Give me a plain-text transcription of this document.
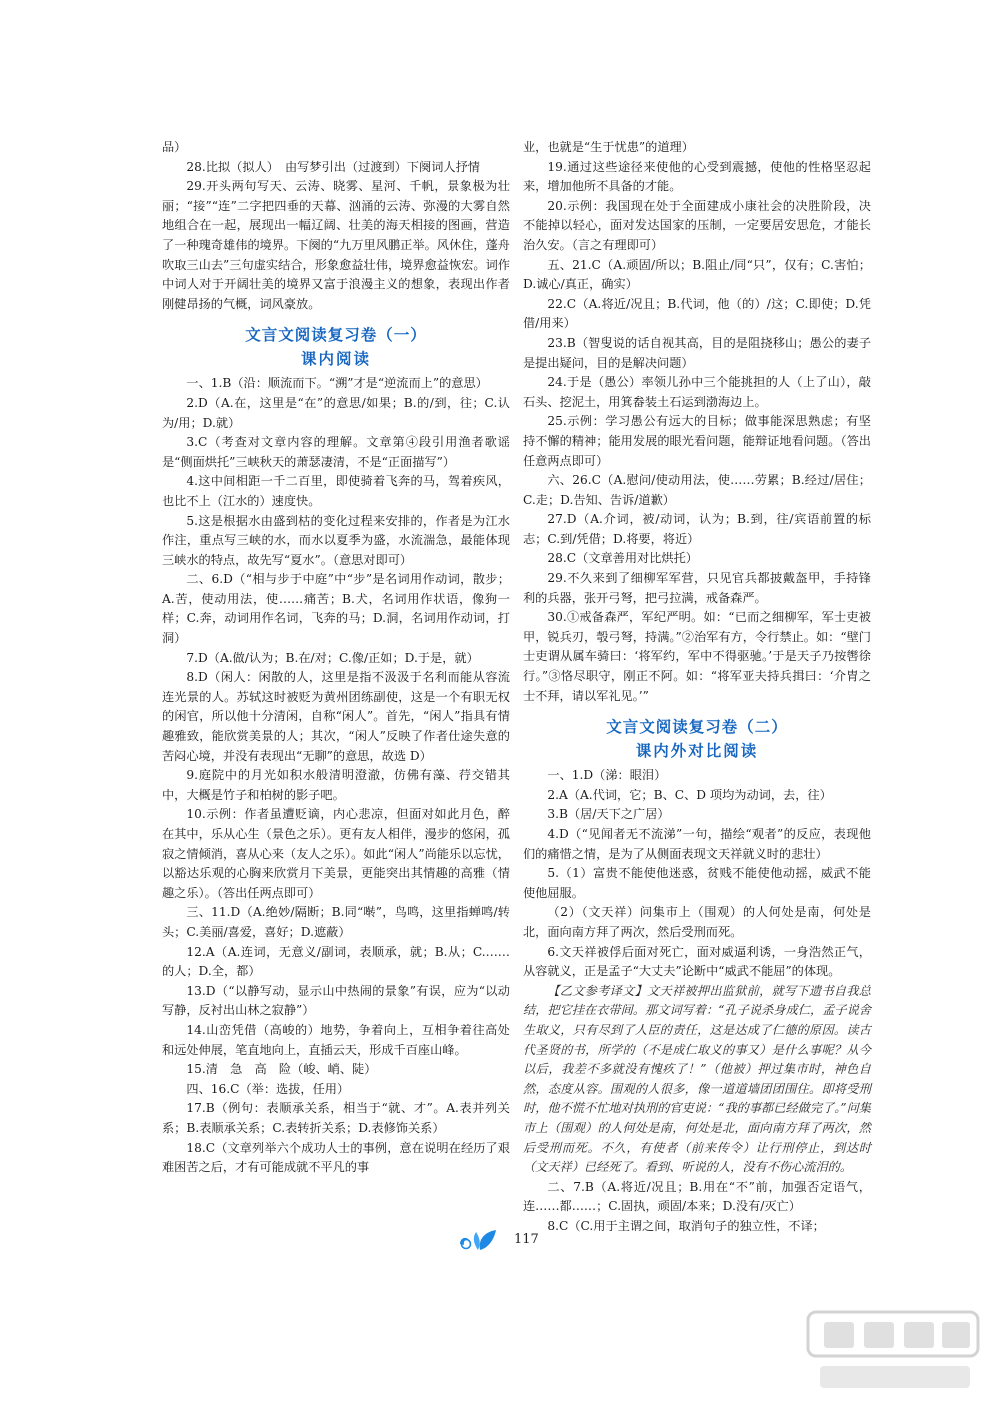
品）

28.比拟（拟人）　由写梦引出（过渡到）下阕词人抒情

29.开头两句写天、云涛、晓雾、星河、千帆，景象极为壮丽；“接”“连”二字把四垂的天幕、汹涌的云涛、弥漫的大雾自然地组合在一起，展现出一幅辽阔、壮美的海天相接的图画，营造了一种瑰奇雄伟的境界。下阕的“九万里风鹏正举。风休住，蓬舟吹取三山去”三句虚实结合，形象愈益壮伟，境界愈益恢宏。词作中词人对于开阔壮美的境界又富于浪漫主义的想象，表现出作者刚健昂扬的气概，词风豪放。

文言文阅读复习卷（一）

课内阅读

一、1.B（沿：顺流而下。“溯”才是“逆流而上”的意思）

2.D（A.在，这里是“在”的意思/如果；B.的/到，往；C.认为/用；D.就）

3.C（考查对文章内容的理解。文章第④段引用渔者歌谣是“侧面烘托”三峡秋天的萧瑟凄清，不是“正面描写”）

4.这中间相距一千二百里，即使骑着飞奔的马，驾着疾风，也比不上（江水的）速度快。

5.这是根据水由盛到枯的变化过程来安排的，作者是为江水作注，重点写三峡的水，而水以夏季为盛，水流湍急，最能体现三峡水的特点，故先写“夏水”。（意思对即可）

二、6.D（“相与步于中庭”中“步”是名词用作动词，散步；A.苦，使动用法，使……痛苦；B.犬，名词用作状语，像狗一样；C.奔，动词用作名词，飞奔的马；D.洞，名词用作动词，打洞）

7.D（A.做/认为；B.在/对；C.像/正如；D.于是，就）

8.D（闲人：闲散的人，这里是指不汲汲于名利而能从容流连光景的人。苏轼这时被贬为黄州团练副使，这是一个有职无权的闲官，所以他十分清闲，自称“闲人”。首先，“闲人”指具有情趣雅致，能欣赏美景的人；其次，“闲人”反映了作者仕途失意的苦闷心境，并没有表现出“无聊”的意思，故选 D）

9.庭院中的月光如积水般清明澄澈，仿佛有藻、荇交错其中，大概是竹子和柏树的影子吧。

10.示例：作者虽遭贬谪，内心悲凉，但面对如此月色，醉在其中，乐从心生（景色之乐）。更有友人相伴，漫步的悠闲，孤寂之情倾消，喜从心来（友人之乐）。如此“闲人”尚能乐以忘忧，以豁达乐观的心胸来欣赏月下美景，更能突出其情趣的高雅（情趣之乐）。（答出任两点即可）

三、11.D（A.绝妙/隔断；B.同“啭”，鸟鸣，这里指蝉鸣/转头；C.美丽/喜爱，喜好；D.遮蔽）

12.A（A.连词，无意义/副词，表顺承，就；B.从；C.……的人；D.全，都）

13.D（“以静写动，显示山中热闹的景象”有误，应为“以动写静，反衬出山林之寂静”）

14.山峦凭借（高峻的）地势，争着向上，互相争着往高处和远处伸展，笔直地向上，直插云天，形成千百座山峰。

15.清　急　高　险（峻、峭、陡）

四、16.C（举：选拔，任用）

17.B（例句：表顺承关系，相当于“就、才”。A.表并列关系；B.表顺承关系；C.表转折关系；D.表修饰关系）

18.C（文章列举六个成功人士的事例，意在说明在经历了艰难困苦之后，才有可能成就不平凡的事

业，也就是“生于忧患”的道理）

19.通过这些途径来使他的心受到震撼，使他的性格坚忍起来，增加他所不具备的才能。

20.示例：我国现在处于全面建成小康社会的决胜阶段，决不能掉以轻心，面对发达国家的压制，一定要居安思危，才能长治久安。（言之有理即可）

五、21.C（A.顽固/所以；B.阻止/同“只”，仅有；C.害怕；D.诚心/真正，确实）

22.C（A.将近/况且；B.代词，他（的）/这；C.即使；D.凭借/用来）

23.B（智叟说的话自视其高，目的是阻挠移山；愚公的妻子是提出疑问，目的是解决问题）

24.于是（愚公）率领儿孙中三个能挑担的人（上了山），敲石头、挖泥土，用箕畚装土石运到渤海边上。

25.示例：学习愚公有远大的目标；做事能深思熟虑；有坚持不懈的精神；能用发展的眼光看问题，能辩证地看问题。（答出任意两点即可）

六、26.C（A.慰问/使动用法，使……劳累；B.经过/居住；C.走；D.告知、告诉/道歉）

27.D（A.介词，被/动词，认为；B.到，往/宾语前置的标志；C.到/凭借；D.将要，将近）

28.C（文章善用对比烘托）

29.不久来到了细柳军军营，只见官兵都披戴盔甲，手持锋利的兵器，张开弓弩，把弓拉满，戒备森严。

30.①戒备森严，军纪严明。如：“已而之细柳军，军士吏被甲，锐兵刃，彀弓弩，持满。”②治军有方，令行禁止。如：“壁门士吏谓从属车骑曰：‘将军约，军中不得驱驰。’于是天子乃按辔徐行。”③恪尽职守，刚正不阿。如：“将军亚夫持兵揖曰：‘介胄之士不拜，请以军礼见。’”

文言文阅读复习卷（二）

课内外对比阅读

一、1.D（涕：眼泪）

2.A（A.代词，它；B、C、D 项均为动词，去，往）

3.B（居/天下之广居）

4.D（“见闻者无不流涕”一句，描绘“观者”的反应，表现他们的痛惜之情，是为了从侧面表现文天祥就义时的悲壮）

5.（1）富贵不能使他迷惑，贫贱不能使他动摇，威武不能使他屈服。

（2）（文天祥）问集市上（围观）的人何处是南，何处是北，面向南方拜了两次，然后受刑而死。

6.文天祥被俘后面对死亡，面对威逼利诱，一身浩然正气，从容就义，正是孟子“大丈夫”论断中“威武不能屈”的体现。

【乙文参考译文】文天祥被押出监狱前，就写下遗书自我总结，把它挂在衣带间。那文词写着：“孔子说杀身成仁，孟子说舍生取义，只有尽到了人臣的责任，这是达成了仁德的原因。读古代圣贤的书，所学的（不是成仁取义的事又）是什么事呢？从今以后，我差不多就没有愧疚了！”（他被）押过集市时，神色自然，态度从容。围观的人很多，像一道道墙团团围住。即将受刑时，他不慌不忙地对执刑的官吏说：“我的事都已经做完了。”问集市上（围观）的人何处是南，何处是北，面向南方拜了两次，然后受刑而死。不久，有使者（前来传令）让行刑停止，到达时（文天祥）已经死了。看到、听说的人，没有不伤心流泪的。

二、7.B（A.将近/况且；B.用在“不”前，加强否定语气，连……都……；C.固执，顽固/本来；D.没有/灭亡）

8.C（C.用于主谓之间，取消句子的独立性，不译；

117
